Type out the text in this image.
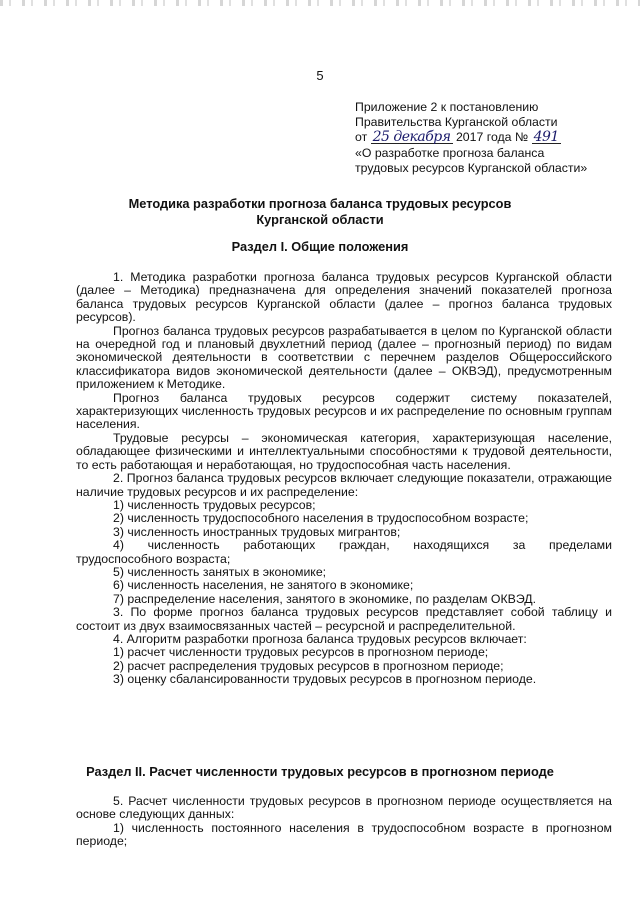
5
Приложение 2 к постановлению
Правительства Курганской области
от 25 декабря 2017 года № 491
«О разработке прогноза баланса
трудовых ресурсов Курганской области»
Методика разработки прогноза баланса трудовых ресурсов
Курганской области
Раздел I. Общие положения

1. Методика разработки прогноза баланса трудовых ресурсов Курганской области (далее – Методика) предназначена для определения значений показателей прогноза баланса трудовых ресурсов Курганской области (далее – прогноз баланса трудовых ресурсов).

Прогноз баланса трудовых ресурсов разрабатывается в целом по Курганской области на очередной год и плановый двухлетний период (далее – прогнозный период) по видам экономической деятельности в соответствии с перечнем разделов Общероссийского классификатора видов экономической деятельности (далее – ОКВЭД), предусмотренным приложением к Методике.

Прогноз баланса трудовых ресурсов содержит систему показателей, характеризующих численность трудовых ресурсов и их распределение по основным группам населения.

Трудовые ресурсы – экономическая категория, характеризующая население, обладающее физическими и интеллектуальными способностями к трудовой деятельности, то есть работающая и неработающая, но трудоспособная часть населения.

2. Прогноз баланса трудовых ресурсов включает следующие показатели, отражающие наличие трудовых ресурсов и их распределение:

1) численность трудовых ресурсов;
2) численность трудоспособного населения в трудоспособном возрасте;
3) численность иностранных трудовых мигрантов;
4) численность работающих граждан, находящихся за пределами
трудоспособного возраста;
5) численность занятых в экономике;
6) численность населения, не занятого в экономике;
7) распределение населения, занятого в экономике, по разделам ОКВЭД.

3. По форме прогноз баланса трудовых ресурсов представляет собой таблицу и состоит из двух взаимосвязанных частей – ресурсной и распределительной.

4. Алгоритм разработки прогноза баланса трудовых ресурсов включает:

1) расчет численности трудовых ресурсов в прогнозном периоде;
2) расчет распределения трудовых ресурсов в прогнозном периоде;
3) оценку сбалансированности трудовых ресурсов в прогнозном периоде.
Раздел II. Расчет численности трудовых ресурсов в прогнозном периоде

5. Расчет численности трудовых ресурсов в прогнозном периоде осуществляется на основе следующих данных:

1) численность постоянного населения в трудоспособном возрасте в прогнозном периоде;
